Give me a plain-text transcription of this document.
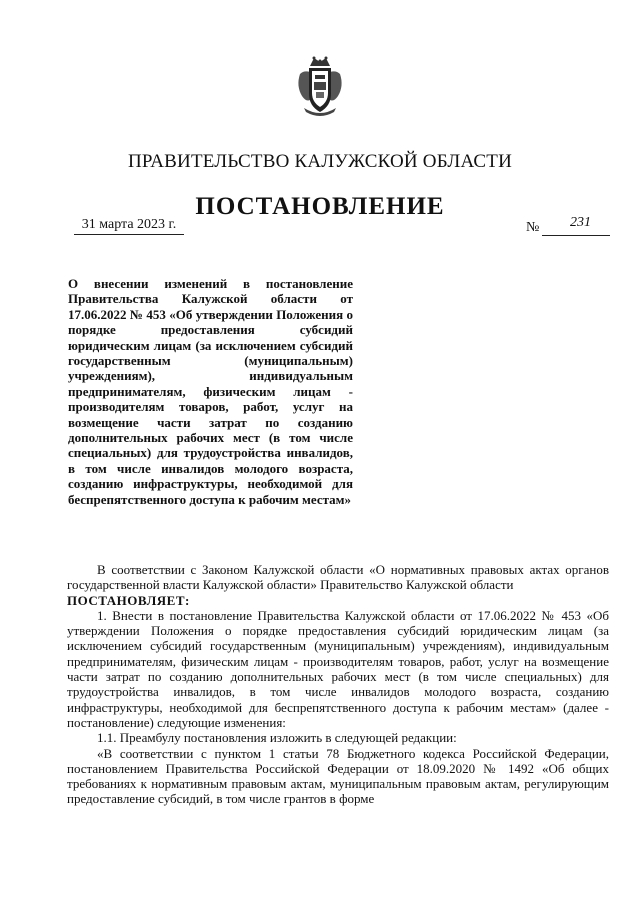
ПРАВИТЕЛЬСТВО КАЛУЖСКОЙ ОБЛАСТИ
ПОСТАНОВЛЕНИЕ
31 марта 2023 г.	№ 231
О внесении изменений в постановление Правительства Калужской области от 17.06.2022 № 453 «Об утверждении Положения о порядке предоставления субсидий юридическим лицам (за исключением субсидий государственным (муниципальным) учреждениям), индивидуальным предпринимателям, физическим лицам - производителям товаров, работ, услуг на возмещение части затрат по созданию дополнительных рабочих мест (в том числе специальных) для трудоустройства инвалидов, в том числе инвалидов молодого возраста, созданию инфраструктуры, необходимой для беспрепятственного доступа к рабочим местам»

В соответствии с Законом Калужской области «О нормативных правовых актах органов государственной власти Калужской области» Правительство Калужской области

ПОСТАНОВЛЯЕТ:

1. Внести в постановление Правительства Калужской области от 17.06.2022 № 453 «Об утверждении Положения о порядке предоставления субсидий юридическим лицам (за исключением субсидий государственным (муниципальным) учреждениям), индивидуальным предпринимателям, физическим лицам - производителям товаров, работ, услуг на возмещение части затрат по созданию дополнительных рабочих мест (в том числе специальных) для трудоустройства инвалидов, в том числе инвалидов молодого возраста, созданию инфраструктуры, необходимой для беспрепятственного доступа к рабочим местам» (далее - постановление) следующие изменения:

1.1. Преамбулу постановления изложить в следующей редакции:

«В соответствии с пунктом 1 статьи 78 Бюджетного кодекса Российской Федерации, постановлением Правительства Российской Федерации от 18.09.2020 № 1492 «Об общих требованиях к нормативным правовым актам, муниципальным правовым актам, регулирующим предоставление субсидий, в том числе грантов в форме
